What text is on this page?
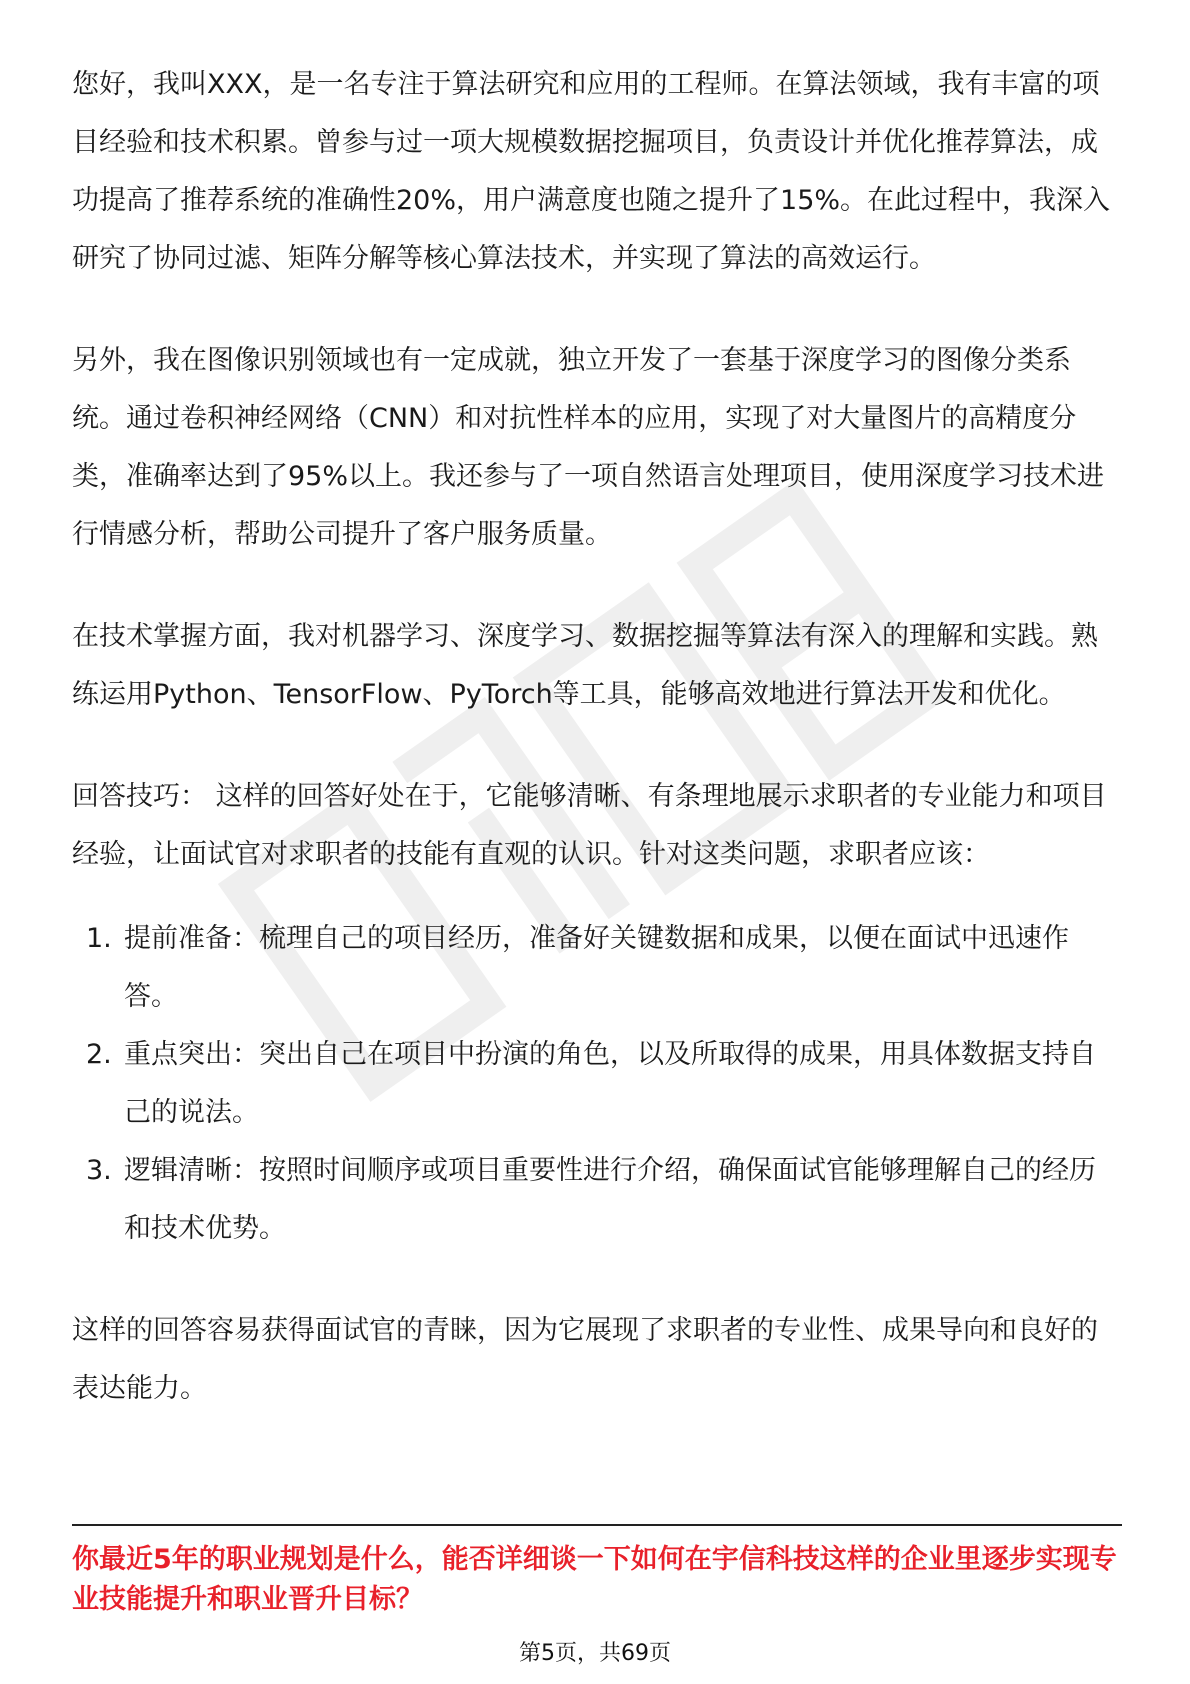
您好，我叫XXX，是一名专注于算法研究和应用的工程师。在算法领域，我有丰富的项目经验和技术积累。曾参与过一项大规模数据挖掘项目，负责设计并优化推荐算法，成功提高了推荐系统的准确性20%，用户满意度也随之提升了15%。在此过程中，我深入研究了协同过滤、矩阵分解等核心算法技术，并实现了算法的高效运行。

另外，我在图像识别领域也有一定成就，独立开发了一套基于深度学习的图像分类系统。通过卷积神经网络（CNN）和对抗性样本的应用，实现了对大量图片的高精度分类，准确率达到了95%以上。我还参与了一项自然语言处理项目，使用深度学习技术进行情感分析，帮助公司提升了客户服务质量。

在技术掌握方面，我对机器学习、深度学习、数据挖掘等算法有深入的理解和实践。熟练运用Python、TensorFlow、PyTorch等工具，能够高效地进行算法开发和优化。

回答技巧： 这样的回答好处在于，它能够清晰、有条理地展示求职者的专业能力和项目经验，让面试官对求职者的技能有直观的认识。针对这类问题，求职者应该：

1. 提前准备：梳理自己的项目经历，准备好关键数据和成果，以便在面试中迅速作答。
2. 重点突出：突出自己在项目中扮演的角色，以及所取得的成果，用具体数据支持自己的说法。
3. 逻辑清晰：按照时间顺序或项目重要性进行介绍，确保面试官能够理解自己的经历和技术优势。

这样的回答容易获得面试官的青睐，因为它展现了求职者的专业性、成果导向和良好的表达能力。

你最近5年的职业规划是什么，能否详细谈一下如何在宇信科技这样的企业里逐步实现专业技能提升和职业晋升目标？

第5页，共69页
